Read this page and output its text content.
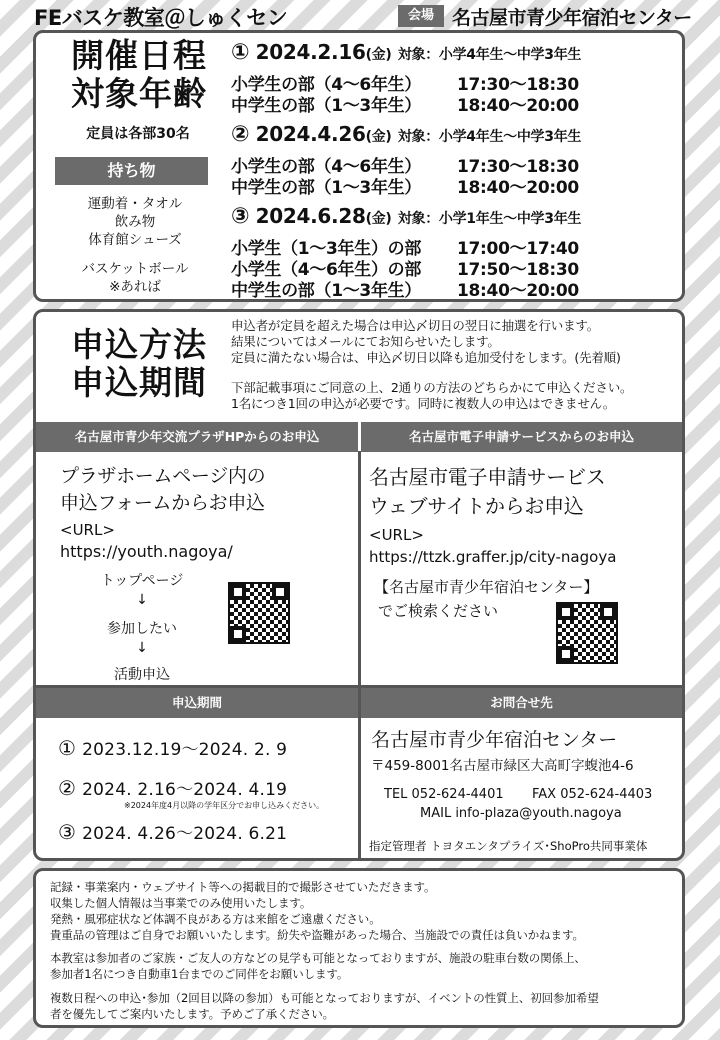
FEバスケ教室＠しゅくセン	会場 名古屋市青少年宿泊センター
開催日程
対象年齢
定員は各部30名
持ち物
運動着・タオル
飲み物
体育館シューズ
バスケットボール
※あれば
① 2024.2.16(金) 対象：小学4年生～中学3年生
小学生の部（4～6年生） 17:30～18:30
中学生の部（1～3年生） 18:40～20:00
② 2024.4.26(金) 対象：小学4年生～中学3年生
小学生の部（4～6年生） 17:30～18:30
中学生の部（1～3年生） 18:40～20:00
③ 2024.6.28(金) 対象：小学1年生～中学3年生
小学生（1～3年生）の部 17:00～17:40
小学生（4～6年生）の部 17:50～18:30
中学生の部（1～3年生） 18:40～20:00
申込方法
申込期間
申込者が定員を超えた場合は申込〆切日の翌日に抽選を行います。
結果についてはメールにてお知らせいたします。
定員に満たない場合は、申込〆切日以降も追加受付をします。(先着順)
下部記載事項にご同意の上、2通りの方法のどちらかにて申込ください。
1名につき1回の申込が必要です。同時に複数人の申込はできません。
名古屋市青少年交流プラザHPからのお申込	名古屋市電子申請サービスからのお申込
プラザホームページ内の
申込フォームからお申込
<URL>
https://youth.nagoya/
トップページ
↓
参加したい
↓
活動申込
名古屋市電子申請サービス
ウェブサイトからお申込
<URL>
https://ttzk.graffer.jp/city-nagoya
【名古屋市青少年宿泊センター】
でご検索ください
申込期間	お問合せ先
① 2023.12.19～2024. 2. 9
② 2024. 2.16～2024. 4.19
※2024年度4月以降の学年区分でお申し込みください。
③ 2024. 4.26～2024. 6.21
名古屋市青少年宿泊センター
〒459-8001名古屋市緑区大高町字蝮池4-6
TEL 052-624-4401 FAX 052-624-4403
MAIL info-plaza@youth.nagoya
指定管理者 トヨタエンタプライズ･ShoPro共同事業体
記録・事業案内・ウェブサイト等への掲載目的で撮影させていただきます。
収集した個人情報は当事業でのみ使用いたします。
発熱・風邪症状など体調不良がある方は来館をご遠慮ください。
貴重品の管理はご自身でお願いいたします。紛失や盗難があった場合、当施設での責任は負いかねます。
本教室は参加者のご家族・ご友人の方などの見学も可能となっておりますが、施設の駐車台数の関係上、
参加者1名につき自動車1台までのご同伴をお願いします。
複数日程への申込･参加（2回目以降の参加）も可能となっておりますが、イベントの性質上、初回参加希望
者を優先してご案内いたします。予めご了承ください。
